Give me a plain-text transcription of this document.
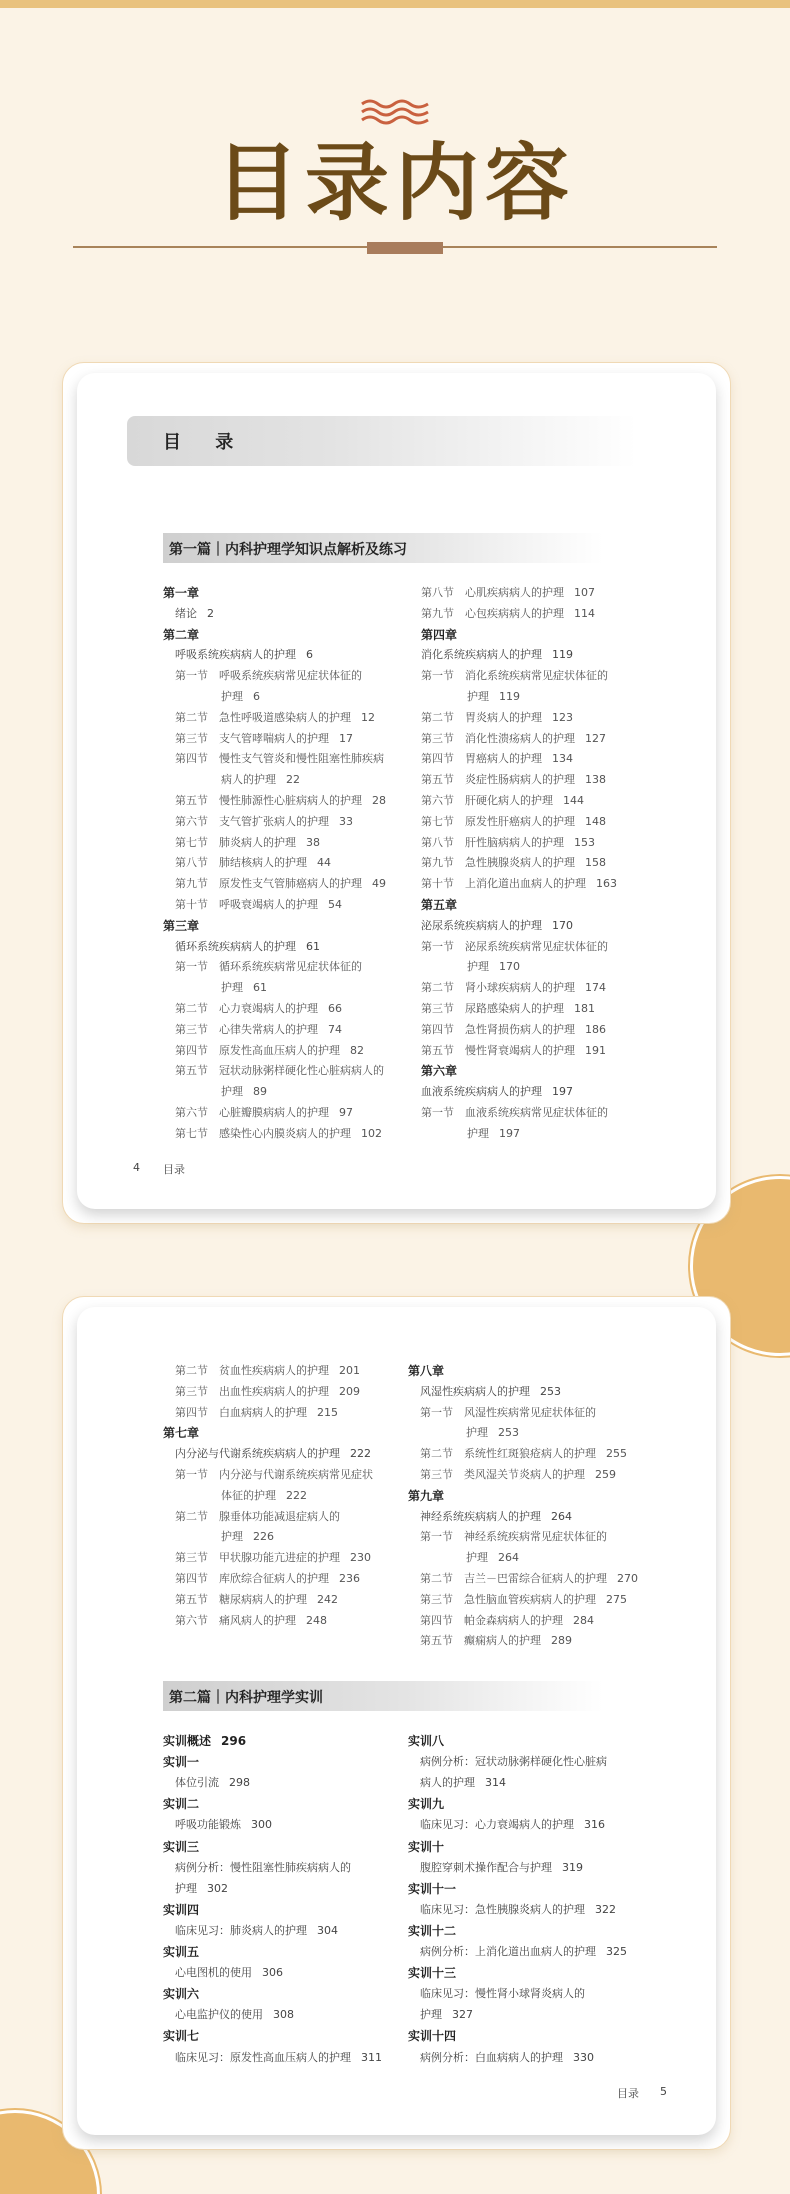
目录内容
目 录
第一篇｜内科护理学知识点解析及练习
第一章
绪论 2
第二章
呼吸系统疾病病人的护理 6
第一节　呼吸系统疾病常见症状体征的
护理 6
第二节　急性呼吸道感染病人的护理 12
第三节　支气管哮喘病人的护理 17
第四节　慢性支气管炎和慢性阻塞性肺疾病
病人的护理 22
第五节　慢性肺源性心脏病病人的护理 28
第六节　支气管扩张病人的护理 33
第七节　肺炎病人的护理 38
第八节　肺结核病人的护理 44
第九节　原发性支气管肺癌病人的护理 49
第十节　呼吸衰竭病人的护理 54
第三章
循环系统疾病病人的护理 61
第一节　循环系统疾病常见症状体征的
护理 61
第二节　心力衰竭病人的护理 66
第三节　心律失常病人的护理 74
第四节　原发性高血压病人的护理 82
第五节　冠状动脉粥样硬化性心脏病病人的
护理 89
第六节　心脏瓣膜病病人的护理 97
第七节　感染性心内膜炎病人的护理 102
第八节　心肌疾病病人的护理 107
第九节　心包疾病病人的护理 114
第四章
消化系统疾病病人的护理 119
第一节　消化系统疾病常见症状体征的
护理 119
第二节　胃炎病人的护理 123
第三节　消化性溃疡病人的护理 127
第四节　胃癌病人的护理 134
第五节　炎症性肠病病人的护理 138
第六节　肝硬化病人的护理 144
第七节　原发性肝癌病人的护理 148
第八节　肝性脑病病人的护理 153
第九节　急性胰腺炎病人的护理 158
第十节　上消化道出血病人的护理 163
第五章
泌尿系统疾病病人的护理 170
第一节　泌尿系统疾病常见症状体征的
护理 170
第二节　肾小球疾病病人的护理 174
第三节　尿路感染病人的护理 181
第四节　急性肾损伤病人的护理 186
第五节　慢性肾衰竭病人的护理 191
第六章
血液系统疾病病人的护理 197
第一节　血液系统疾病常见症状体征的
护理 197
4 目录
第二节　贫血性疾病病人的护理 201
第三节　出血性疾病病人的护理 209
第四节　白血病病人的护理 215
第七章
内分泌与代谢系统疾病病人的护理 222
第一节　内分泌与代谢系统疾病常见症状
体征的护理 222
第二节　腺垂体功能减退症病人的
护理 226
第三节　甲状腺功能亢进症的护理 230
第四节　库欣综合征病人的护理 236
第五节　糖尿病病人的护理 242
第六节　痛风病人的护理 248
第八章
风湿性疾病病人的护理 253
第一节　风湿性疾病常见症状体征的
护理 253
第二节　系统性红斑狼疮病人的护理 255
第三节　类风湿关节炎病人的护理 259
第九章
神经系统疾病病人的护理 264
第一节　神经系统疾病常见症状体征的
护理 264
第二节　吉兰－巴雷综合征病人的护理 270
第三节　急性脑血管疾病病人的护理 275
第四节　帕金森病病人的护理 284
第五节　癫痫病人的护理 289
第二篇｜内科护理学实训
实训概述 296
实训一
体位引流 298
实训二
呼吸功能锻炼 300
实训三
病例分析：慢性阻塞性肺疾病病人的
护理 302
实训四
临床见习：肺炎病人的护理 304
实训五
心电图机的使用 306
实训六
心电监护仪的使用 308
实训七
临床见习：原发性高血压病人的护理 311
实训八
病例分析：冠状动脉粥样硬化性心脏病
病人的护理 314
实训九
临床见习：心力衰竭病人的护理 316
实训十
腹腔穿刺术操作配合与护理 319
实训十一
临床见习：急性胰腺炎病人的护理 322
实训十二
病例分析：上消化道出血病人的护理 325
实训十三
临床见习：慢性肾小球肾炎病人的
护理 327
实训十四
病例分析：白血病病人的护理 330
目录 5
